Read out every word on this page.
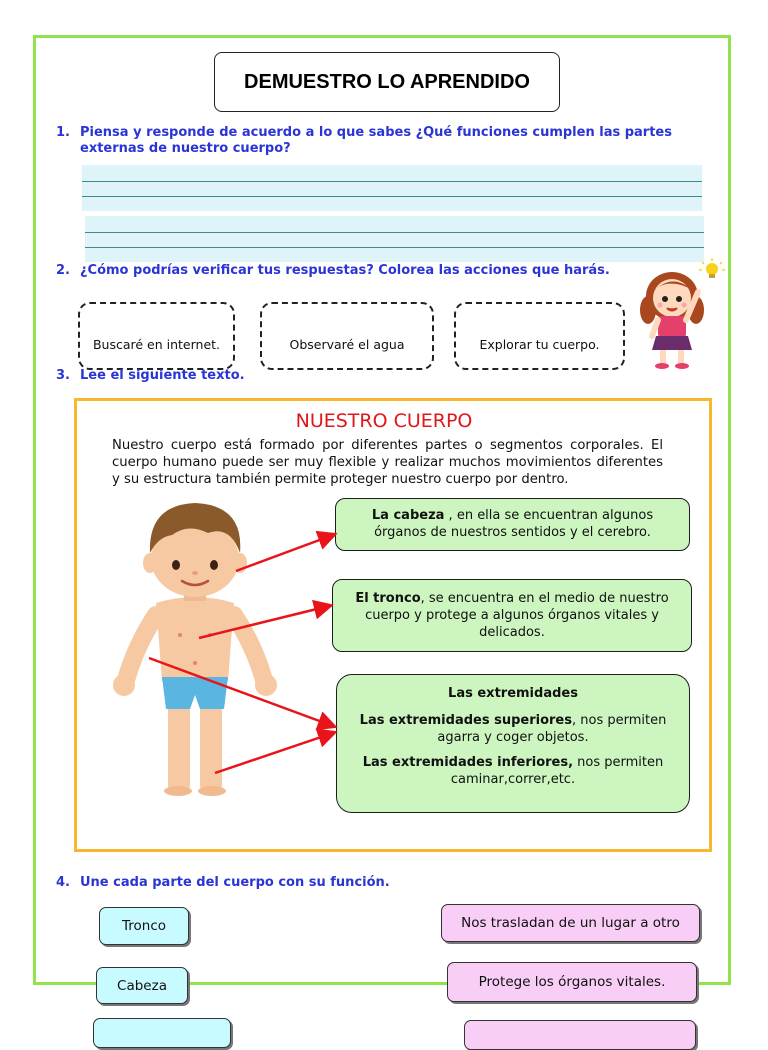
DEMUESTRO LO APRENDIDO
1. Piensa y responde de acuerdo a lo que sabes ¿Qué funciones cumplen las partes
externas de nuestro cuerpo?
2. ¿Cómo podrías verificar tus respuestas? Colorea las acciones que harás.
Buscaré en internet.	Observaré el agua	Explorar tu cuerpo.
3. Lee el siguiente texto.
NUESTRO CUERPO
Nuestro cuerpo está formado por diferentes partes o segmentos corporales. El cuerpo humano puede ser muy flexible y realizar muchos movimientos diferentes y su estructura también permite proteger nuestro cuerpo por dentro.
La cabeza , en ella se encuentran algunos órganos de nuestros sentidos y el cerebro.
El tronco, se encuentra en el medio de nuestro cuerpo y protege a algunos órganos vitales y delicados.
Las extremidades
Las extremidades superiores, nos permiten agarra y coger objetos.
Las extremidades inferiores, nos permiten caminar,correr,etc.
4. Une cada parte del cuerpo con su función.
Tronco
Cabeza
Nos trasladan de un lugar a otro
Protege los órganos vitales.
